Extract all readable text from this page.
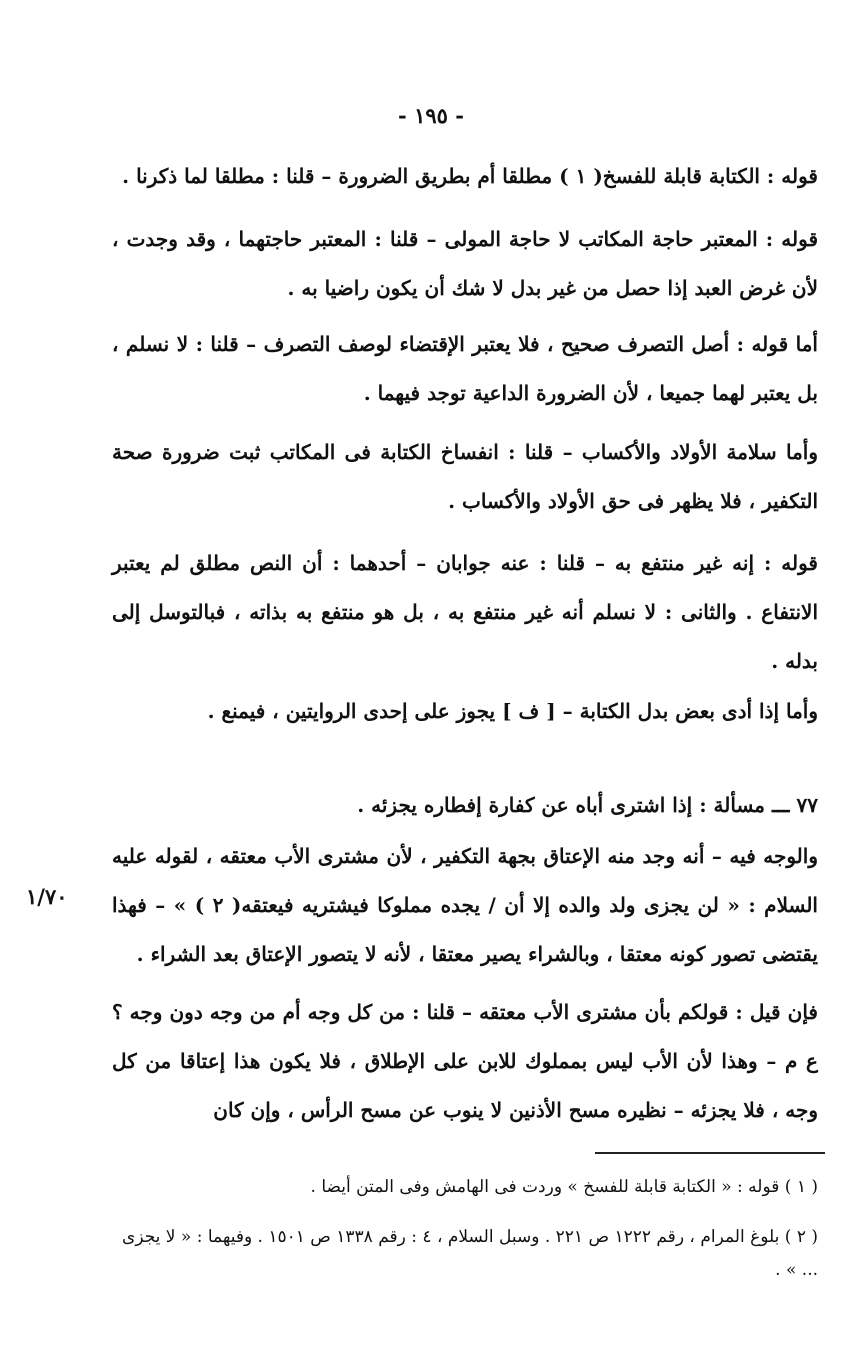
- ١٩٥ -
قوله : الكتابة قابلة للفسخ( ١ ) مطلقا أم بطريق الضرورة – قلنا : مطلقا لما ذكرنا .
قوله : المعتبر حاجة المكاتب لا حاجة المولى – قلنا : المعتبر حاجتهما ، وقد وجدت ، لأن غرض العبد إذا حصل من غير بدل لا شك أن يكون راضيا به .
أما قوله : أصل التصرف صحيح ، فلا يعتبر الإقتضاء لوصف التصرف – قلنا : لا نسلم ، بل يعتبر لهما جميعا ، لأن الضرورة الداعية توجد فيهما .
وأما سلامة الأولاد والأكساب – قلنا : انفساخ الكتابة فى المكاتب ثبت ضرورة صحة التكفير ، فلا يظهر فى حق الأولاد والأكساب .
قوله : إنه غير منتفع به – قلنا : عنه جوابان – أحدهما : أن النص مطلق لم يعتبر الانتفاع . والثانى : لا نسلم أنه غير منتفع به ، بل هو منتفع به بذاته ، فبالتوسل إلى بدله .
وأما إذا أدى بعض بدل الكتابة – [ ف ] يجوز على إحدى الروايتين ، فيمنع .
٧٧ ـــ مسألة : إذا اشترى أباه عن كفارة إفطاره يجزئه .
والوجه فيه – أنه وجد منه الإعتاق بجهة التكفير ، لأن مشترى الأب معتقه ، لقوله عليه السلام : « لن يجزى ولد والده إلا أن / يجده مملوكا فيشتريه فيعتقه( ٢ ) » – فهذا يقتضى تصور كونه معتقا ، وبالشراء يصير معتقا ، لأنه لا يتصور الإعتاق بعد الشراء .
فإن قيل : قولكم بأن مشترى الأب معتقه – قلنا : من كل وجه أم من وجه دون وجه ؟ ع م – وهذا لأن الأب ليس بمملوك للابن على الإطلاق ، فلا يكون هذا إعتاقا من كل وجه ، فلا يجزئه – نظيره مسح الأذنين لا ينوب عن مسح الرأس ، وإن كان
١/٧٠
( ١ ) قوله : « الكتابة قابلة للفسخ » وردت فى الهامش وفى المتن أيضا .
( ٢ ) بلوغ المرام ، رقم ١٢٢٢ ص ٢٢١ . وسبل السلام ، ٤ : رقم ١٣٣٨ ص ١٥٠١ . وفيهما : « لا يجزى ... » .
